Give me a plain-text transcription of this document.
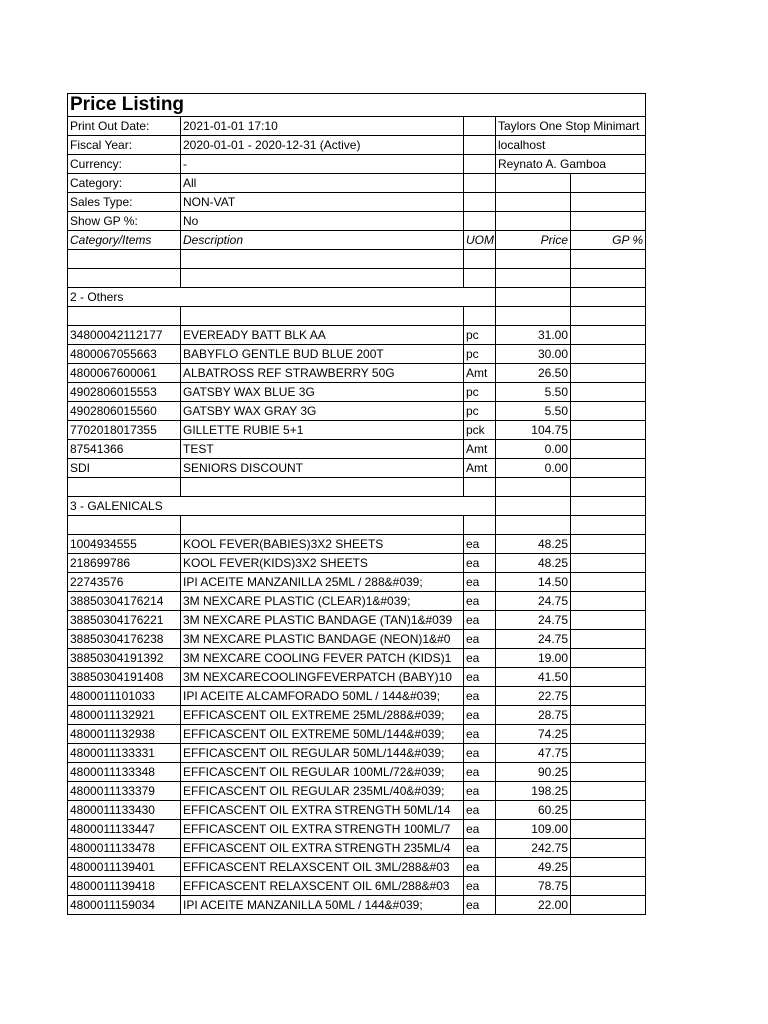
Price Listing				
Print Out Date:	2021-01-01 17:10		Taylors One Stop Minimart	
Fiscal Year:	2020-01-01 - 2020-12-31 (Active)		localhost	
Currency:	-		Reynato A. Gamboa	
Category:	All			
Sales Type:	NON-VAT			
Show GP %:	No			
Category/Items	Description	UOM	Price	GP %

2 - Others				

34800042112177	EVEREADY BATT BLK AA	pc	31.00	
4800067055663	BABYFLO GENTLE BUD BLUE 200T	pc	30.00	
4800067600061	ALBATROSS REF STRAWBERRY 50G	Amt	26.50	
4902806015553	GATSBY WAX BLUE 3G	pc	5.50	
4902806015560	GATSBY WAX GRAY 3G	pc	5.50	
7702018017355	GILLETTE RUBIE 5+1	pck	104.75	
87541366	TEST	Amt	0.00	
SDI	SENIORS DISCOUNT	Amt	0.00	

3 - GALENICALS				

1004934555	KOOL FEVER(BABIES)3X2 SHEETS	ea	48.25	
218699786	KOOL FEVER(KIDS)3X2 SHEETS	ea	48.25	
22743576	IPI ACEITE MANZANILLA 25ML / 288&#039;	ea	14.50	
38850304176214	3M NEXCARE PLASTIC (CLEAR)1&#039;	ea	24.75	
38850304176221	3M NEXCARE PLASTIC BANDAGE (TAN)1&#039	ea	24.75	
38850304176238	3M NEXCARE PLASTIC BANDAGE (NEON)1&#0	ea	24.75	
38850304191392	3M NEXCARE COOLING FEVER PATCH (KIDS)1	ea	19.00	
38850304191408	3M NEXCARECOOLINGFEVERPATCH (BABY)10	ea	41.50	
4800011101033	IPI ACEITE ALCAMFORADO 50ML / 144&#039;	ea	22.75	
4800011132921	EFFICASCENT OIL EXTREME 25ML/288&#039;	ea	28.75	
4800011132938	EFFICASCENT OIL EXTREME 50ML/144&#039;	ea	74.25	
4800011133331	EFFICASCENT OIL REGULAR 50ML/144&#039;	ea	47.75	
4800011133348	EFFICASCENT OIL REGULAR 100ML/72&#039;	ea	90.25	
4800011133379	EFFICASCENT OIL REGULAR 235ML/40&#039;	ea	198.25	
4800011133430	EFFICASCENT OIL EXTRA STRENGTH 50ML/14	ea	60.25	
4800011133447	EFFICASCENT OIL EXTRA STRENGTH 100ML/7	ea	109.00	
4800011133478	EFFICASCENT OIL EXTRA STRENGTH 235ML/4	ea	242.75	
4800011139401	EFFICASCENT RELAXSCENT OIL 3ML/288&#03	ea	49.25	
4800011139418	EFFICASCENT RELAXSCENT OIL 6ML/288&#03	ea	78.75	
4800011159034	IPI ACEITE MANZANILLA 50ML / 144&#039;	ea	22.00	
